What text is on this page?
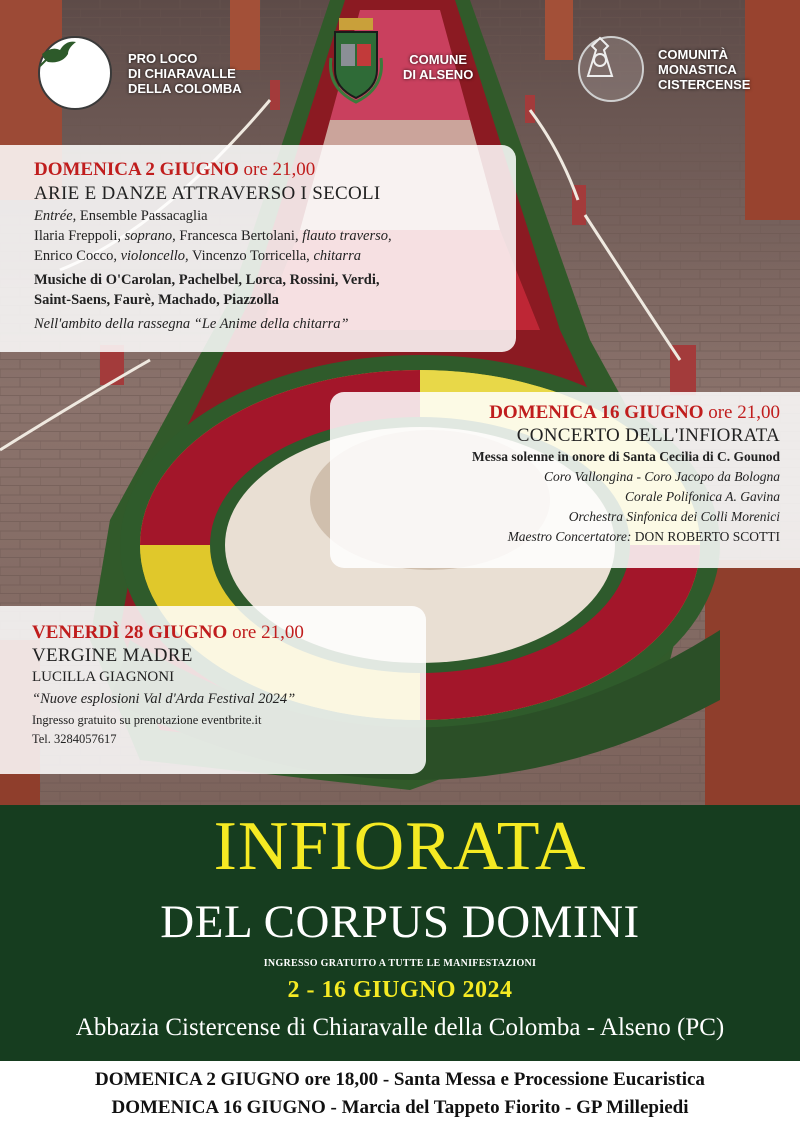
PRO LOCO
DI CHIARAVALLE
DELLA COLOMBA
COMUNE
DI ALSENO
COMUNITÀ
MONASTICA
CISTERCENSE
DOMENICA 2 GIUGNO ore 21,00
ARIE E DANZE ATTRAVERSO I SECOLI
Entrée, Ensemble Passacaglia
Ilaria Freppoli, soprano, Francesca Bertolani, flauto traverso,
Enrico Cocco, violoncello, Vincenzo Torricella, chitarra
Musiche di O'Carolan, Pachelbel, Lorca, Rossini, Verdi,
Saint-Saens, Faurè, Machado, Piazzolla
Nell'ambito della rassegna “Le Anime della chitarra”
DOMENICA 16 GIUGNO ore 21,00
CONCERTO DELL'INFIORATA
Messa solenne in onore di Santa Cecilia di C. Gounod
Coro Vallongina - Coro Jacopo da Bologna
Corale Polifonica A. Gavina
Orchestra Sinfonica dei Colli Morenici
Maestro Concertatore: DON ROBERTO SCOTTI
VENERDÌ 28 GIUGNO ore 21,00
VERGINE MADRE
LUCILLA GIAGNONI
“Nuove esplosioni Val d'Arda Festival 2024”
Ingresso gratuito su prenotazione eventbrite.it
Tel. 3284057617
INFIORATA
DEL CORPUS DOMINI
INGRESSO GRATUITO A TUTTE LE MANIFESTAZIONI
2 - 16 GIUGNO 2024
Abbazia Cistercense di Chiaravalle della Colomba - Alseno (PC)
DOMENICA 2 GIUGNO ore 18,00 - Santa Messa e Processione Eucaristica
DOMENICA 16 GIUGNO - Marcia del Tappeto Fiorito - GP Millepiedi
